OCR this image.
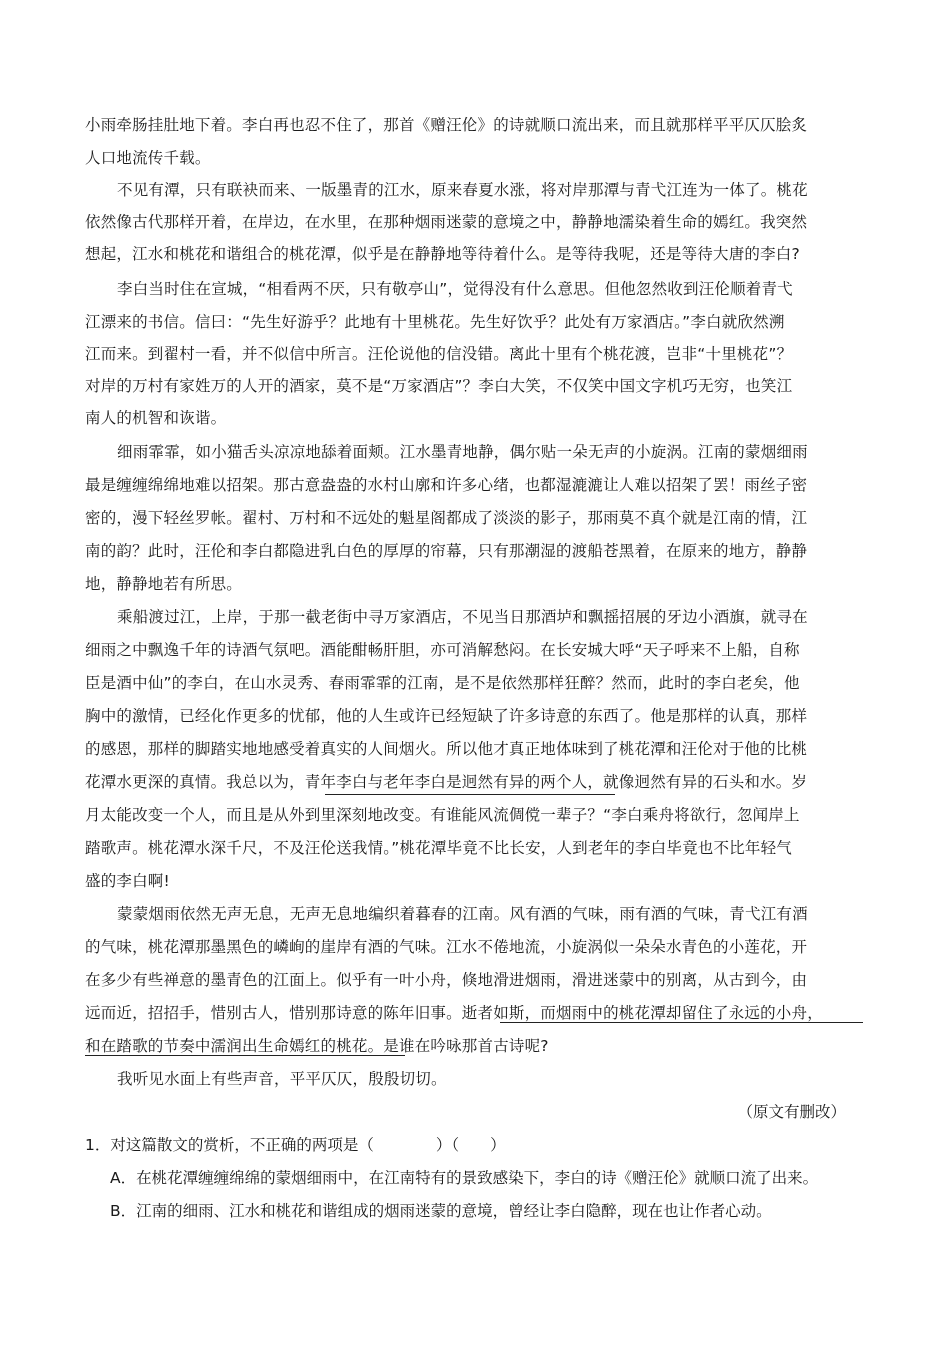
小雨牵肠挂肚地下着。李白再也忍不住了，那首《赠汪伦》的诗就顺口流出来，而且就那样平平仄仄脍炙
人口地流传千载。
不见有潭，只有联袂而来、一版墨青的江水，原来春夏水涨，将对岸那潭与青弋江连为一体了。桃花
依然像古代那样开着，在岸边，在水里，在那种烟雨迷蒙的意境之中，静静地濡染着生命的嫣红。我突然
想起，江水和桃花和谐组合的桃花潭，似乎是在静静地等待着什么。是等待我呢，还是等待大唐的李白?
李白当时住在宣城，“相看两不厌，只有敬亭山”，觉得没有什么意思。但他忽然收到汪伦顺着青弋
江漂来的书信。信曰：“先生好游乎？此地有十里桃花。先生好饮乎？此处有万家酒店。”李白就欣然溯
江而来。到翟村一看，并不似信中所言。汪伦说他的信没错。离此十里有个桃花渡，岂非“十里桃花”？
对岸的万村有家姓万的人开的酒家，莫不是“万家酒店”？李白大笑，不仅笑中国文字机巧无穷，也笑江
南人的机智和诙谐。
细雨霏霏，如小猫舌头凉凉地舔着面颊。江水墨青地静，偶尔贴一朵无声的小旋涡。江南的蒙烟细雨
最是缠缠绵绵地难以招架。那古意盎盎的水村山廓和许多心绪，也都湿漉漉让人难以招架了罢！雨丝子密
密的，漫下轻丝罗帐。翟村、万村和不远处的魁星阁都成了淡淡的影子，那雨莫不真个就是江南的情，江
南的韵？此时，汪伦和李白都隐进乳白色的厚厚的帘幕，只有那潮湿的渡船苍黑着，在原来的地方，静静
地，静静地若有所思。
乘船渡过江，上岸，于那一截老街中寻万家酒店，不见当日那酒垆和飘摇招展的牙边小酒旗，就寻在
细雨之中飘逸千年的诗酒气氛吧。酒能酣畅肝胆，亦可消解愁闷。在长安城大呼“天子呼来不上船，自称
臣是酒中仙”的李白，在山水灵秀、春雨霏霏的江南，是不是依然那样狂醉？然而，此时的李白老矣，他
胸中的激情，已经化作更多的忧郁，他的人生或许已经短缺了许多诗意的东西了。他是那样的认真，那样
的感恩，那样的脚踏实地地感受着真实的人间烟火。所以他才真正地体味到了桃花潭和汪伦对于他的比桃
花潭水更深的真情。我总以为，青年李白与老年李白是迥然有异的两个人，就像迥然有异的石头和水。岁
月太能改变一个人，而且是从外到里深刻地改变。有谁能风流倜傥一辈子？“李白乘舟将欲行，忽闻岸上
踏歌声。桃花潭水深千尺，不及汪伦送我情。”桃花潭毕竟不比长安，人到老年的李白毕竟也不比年轻气
盛的李白啊!
蒙蒙烟雨依然无声无息，无声无息地编织着暮春的江南。风有酒的气味，雨有酒的气味，青弋江有酒
的气味，桃花潭那墨黑色的嶙峋的崖岸有酒的气味。江水不倦地流，小旋涡似一朵朵水青色的小莲花，开
在多少有些禅意的墨青色的江面上。似乎有一叶小舟，倏地滑进烟雨，滑进迷蒙中的别离，从古到今，由
远而近，招招手，惜别古人，惜别那诗意的陈年旧事。逝者如斯，而烟雨中的桃花潭却留住了永远的小舟，
和在踏歌的节奏中濡润出生命嫣红的桃花。是谁在吟咏那首古诗呢?
我听见水面上有些声音，平平仄仄，殷殷切切。
（原文有删改）
1．对这篇散文的赏析，不正确的两项是（　　　　）（　　）
A．在桃花潭缠缠绵绵的蒙烟细雨中，在江南特有的景致感染下，李白的诗《赠汪伦》就顺口流了出来。
B．江南的细雨、江水和桃花和谐组成的烟雨迷蒙的意境，曾经让李白隐醉，现在也让作者心动。
